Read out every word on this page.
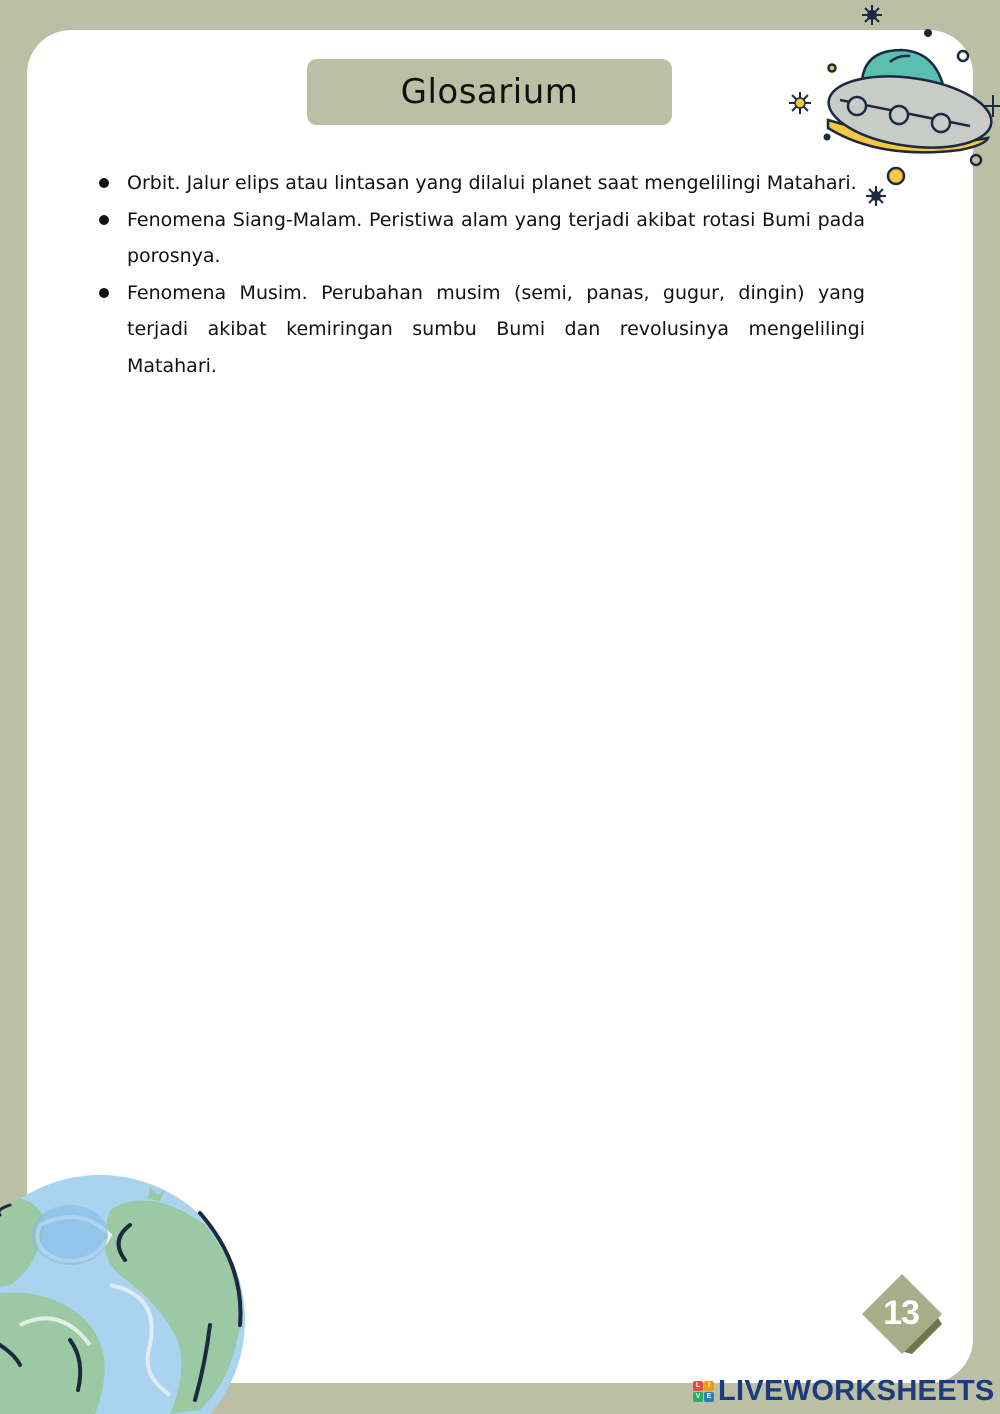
Glosarium
Orbit. Jalur elips atau lintasan yang dilalui planet saat mengelilingi Matahari.
Fenomena Siang-Malam. Peristiwa alam yang terjadi akibat rotasi Bumi pada porosnya.
Fenomena Musim. Perubahan musim (semi, panas, gugur, dingin) yang terjadi akibat kemiringan sumbu Bumi dan revolusinya mengelilingi Matahari.
13
L	I
V E LIVEWORKSHEETS
